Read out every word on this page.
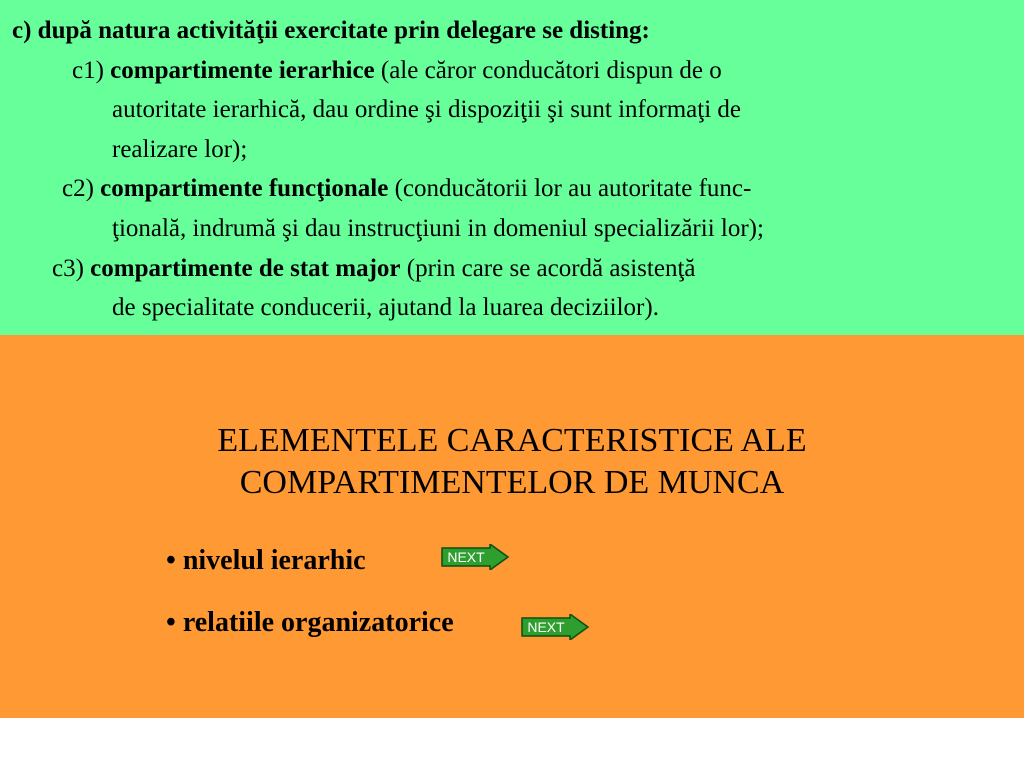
c) după natura activităţii exercitate prin delegare se disting:
c1) compartimente ierarhice (ale căror conducători dispun de o
autoritate ierarhică, dau ordine şi dispoziţii şi sunt informaţi de
realizare lor);
c2) compartimente funcţionale (conducătorii lor au autoritate func-
ţională, indrumă şi dau instrucţiuni in domeniul specializării lor);
c3) compartimente de stat major (prin care se acordă asistenţă
de specialitate conducerii, ajutand la luarea deciziilor).
ELEMENTELE CARACTERISTICE ALE
COMPARTIMENTELOR DE MUNCA
• nivelul ierarhic	NEXT
• relatiile organizatorice	NEXT
